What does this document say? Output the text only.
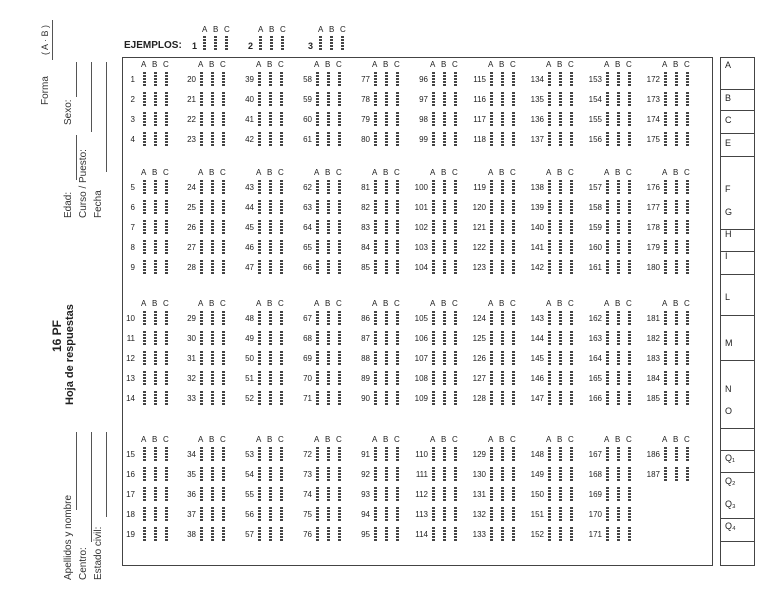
Forma
( A · B )
Sexo:
Edad: Curso / Puesto: Fecha
16 PF Hoja de respuestas
Apellidos y nombre Centro: Estado civil:
EJEMPLOS: 1
A B C
2
A B C
3
A B C
A B C
1
2
3
4
A B C
5
6
7
8
9
A B C
10
11
12
13
14
A B C
15
16
17
18
19
A B C
20
21
22
23
A B C
24
25
26
27
28
A B C
29
30
31
32
33
A B C
34
35
36
37
38
A B C
39
40
41
42
A B C
43
44
45
46
47
A B C
48
49
50
51
52
A B C
53
54
55
56
57
A B C
58
59
60
61
A B C
62
63
64
65
66
A B C
67
68
69
70
71
A B C
72
73
74
75
76
A B C
77
78
79
80
A B C
81
82
83
84
85
A B C
86
87
88
89
90
A B C
91
92
93
94
95
A B C
96
97
98
99
A B C
100
101
102
103
104
A B C
105
106
107
108
109
A B C
110
111
112
113
114
A B C
115
116
117
118
A B C
119
120
121
122
123
A B C
124
125
126
127
128
A B C
129
130
131
132
133
A B C
134
135
136
137
A B C
138
139
140
141
142
A B C
143
144
145
146
147
A B C
148
149
150
151
152
A B C
153
154
155
156
A B C
157
158
159
160
161
A B C
162
163
164
165
166
A B C
167
168
169
170
171
A B C
172
173
174
175
A B C
176
177
178
179
180
A B C
181
182
183
184
185
A B C
186
187
A
B
C
E
F
G
H
I
L
M
N
O
Q₁
Q₂
Q₃
Q₄
